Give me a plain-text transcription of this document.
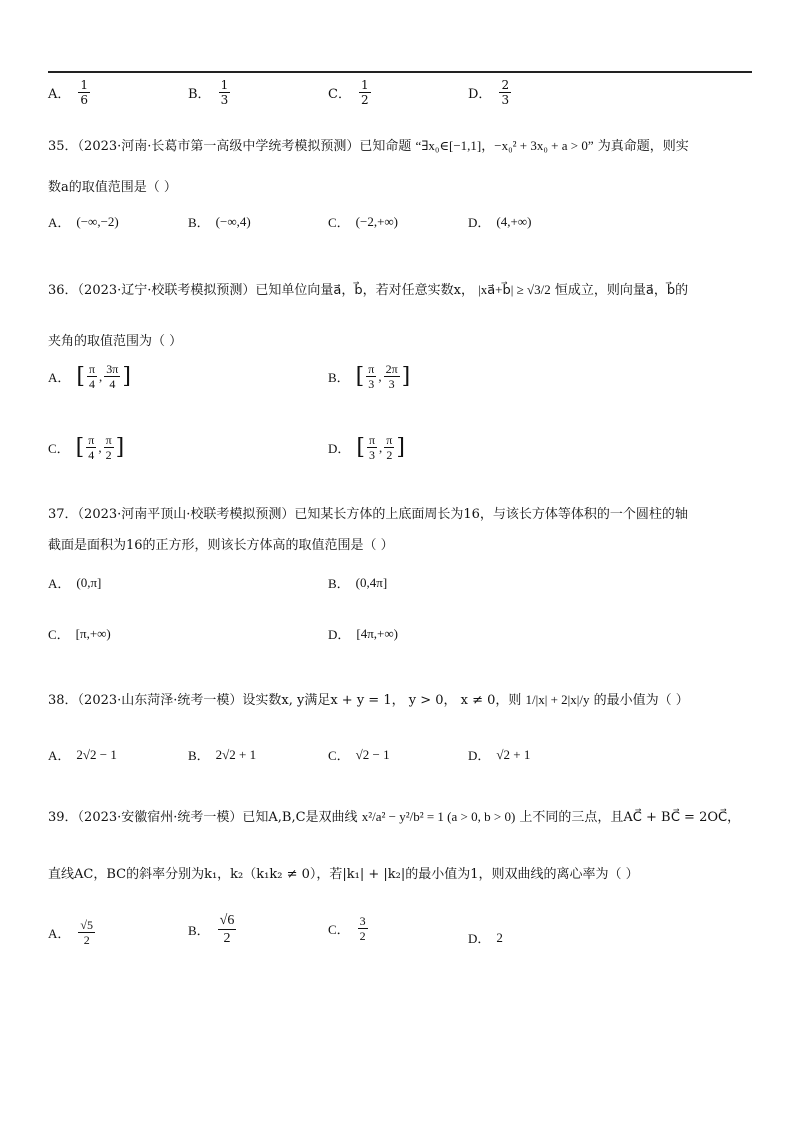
A． $\frac{1}{6}$	B． $\frac{1}{3}$	C． $\frac{1}{2}$	D． $\frac{2}{3}$
35．（2023·河南·长葛市第一高级中学统考模拟预测）已知命题 “∃x₀∈[−1,1]，−x₀² + 3x₀ + a > 0” 为真命题，则实
数a的取值范围是（ ）
A． (−∞,−2)	B． (−∞,4)	C． (−2,+∞)	D． (4,+∞)
36．（2023·辽宁·校联考模拟预测）已知单位向量a⃗，b⃗，若对任意实数x， |xa⃗+b⃗| ≥ √3/2 恒成立，则向量a⃗，b⃗的
夹角的取值范围为（ ）
A． [ $\frac{\pi}{4}$ , $\frac{3\pi}{4}$ ]	B． [ $\frac{\pi}{3}$ , $\frac{2\pi}{3}$ ]
C． [ $\frac{\pi}{4}$ , $\frac{\pi}{2}$ ]	D． [ $\frac{\pi}{3}$ , $\frac{\pi}{2}$ ]
37．（2023·河南平顶山·校联考模拟预测）已知某长方体的上底面周长为16，与该长方体等体积的一个圆柱的轴
截面是面积为16的正方形，则该长方体高的取值范围是（ ）
A． (0,π]	B． (0,4π]
C． [π,+∞)	D． [4π,+∞)
38．（2023·山东菏泽·统考一模）设实数x, y满足x + y = 1， y > 0， x ≠ 0，则 1/|x| + 2|x|/y 的最小值为（ ）
A． 2√2 − 1	B． 2√2 + 1	C． √2 − 1	D． √2 + 1
39．（2023·安徽宿州·统考一模）已知A,B,C是双曲线 x²/a² − y²/b² = 1 (a > 0, b > 0) 上不同的三点，且AC⃗ + BC⃗ = 2OC⃗，
直线AC，BC的斜率分别为k₁，k₂（k₁k₂ ≠ 0），若|k₁| + |k₂|的最小值为1，则双曲线的离心率为（ ）
A． $\frac{√5}{2}$	B． $\frac{√6}{2}$	C． $\frac{3}{2}$	D． 2
